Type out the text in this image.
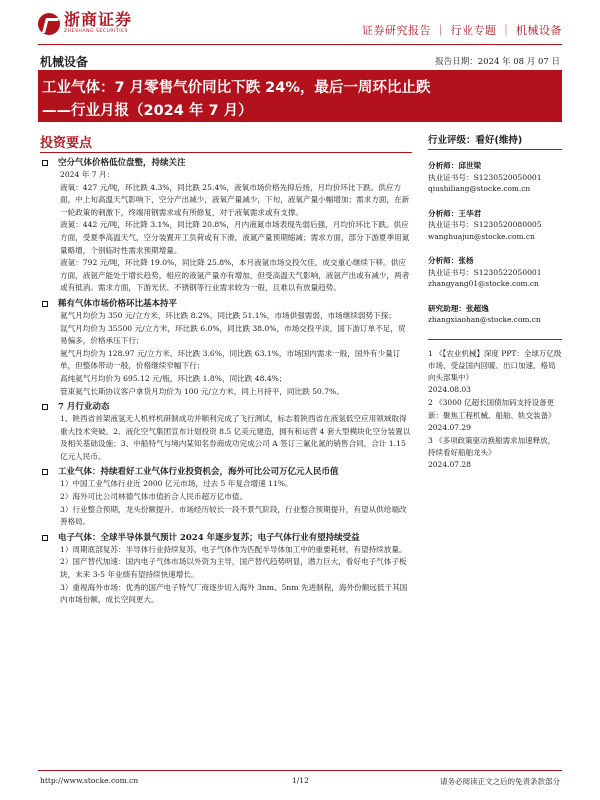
浙商证券
ZHESHANG SECURITIES	证券研究报告 ｜ 行业专题 ｜ 机械设备
机械设备	报告日期：2024 年 08 月 07 日
工业气体：7 月零售气价同比下跌 24%，最后一周环比止跌
——行业月报（2024 年 7 月）
投资要点
空分气体价格低位盘整，持续关注
2024 年 7 月：
液氧：427 元/吨，环比跌 4.3%，同比跌 25.4%，液氧市场价格先抑后扬，月均价环比下跌。供应方面，中上旬高温天气影响下，空分产出减少，液氧产量减少，下旬，液氧产量小幅增加；需求方面，在新一轮政策的刺激下，终端用钢需求或有所修复，对于液氧需求或有支撑。
液氮：442 元/吨，环比降 3.1%，同比降 20.8%，月内液氮市场表现先弱后强，月均价环比下跌。供应方面，受夏季高温天气，空分装置开工负荷或有下滑，液氮产量预期缩减；需求方面，部分下游夏季用氮量略增，个别临时性需求预期增量。
液氩：792 元/吨，环比降 19.0%，同比降 25.8%，本月液氩市场交投欠佳，成交重心继续下移。供应方面，液氩产能处于增长趋势，相应的液氩产量亦有增加，但受高温天气影响，液氩产出或有减少，两者或有抵消。需求方面，下游光伏、不锈钢等行业需求较为一般，且难以有放量趋势。
稀有气体市场价格环比基本持平
氦气月均价为 350 元/立方米，环比跌 8.2%，同比跌 51.1%，市场供强需弱，市场继续弱势下探；
氙气月均价为 35500 元/立方米，环比跌 6.0%，同比跌 38.0%，市场交投平淡，国下游订单不足，贸易偏多，价格承压下行；
氪气月均价为 128.97 元/立方米，环比跌 3.6%，同比跌 63.1%，市场国内需求一般，国外有少量订单，但整体带动一般，价格继续窄幅下行；
高纯氦气月均价为 695.12 元/瓶，环比跌 1.8%，同比跌 48.4%；
管束氦气长斯协议客户拿货月均价为 100 元/立方米，同上月持平，同比跌 50.7%。
7 月行业动态
1、陕西省首架液氢无人机样机研制成功并顺利完成了飞行测试，标志着陕西省在液氢低空应用领域取得重大技术突破。2、液化空气集团宣布计划投资 8.5 亿美元建造，拥有和运营 4 套大型模块化空分装置以及相关基础设施；3、中船特气与境内某知名券商成功完成公司 A 签订三氟化氮的销售合同，合计 1.15 亿元人民币。
工业气体：持续看好工业气体行业投资机会，海外可比公司万亿元人民币值
1）中国工业气体行业近 2000 亿元市场，过去 5 年复合增速 11%。
2）海外可比公司林德气体市值折合人民币超万亿市值。
3）行业整合预期，龙头份额提升。市场经历较长一段不景气阶段，行业整合预期提升，有望从供给端改善格局。
电子气体：全球半导体景气预计 2024 年逐步复苏；电子气体行业有望持续受益
1）周期底部复苏：半导体行业持续复苏，电子气体作为匹配半导体加工中的重要耗材，有望持续放量。
2）国产替代加速：国内电子气体市场以外资为主导，国产替代趋势明显，潜力巨大，看好电子气体子板块，未来 3-5 年业绩有望持续快速增长。
3）重视海外市场：优秀的国产电子特气厂商逐步切入海外 3nm、5nm 先进制程，海外份额远低于其国内市场份额，成长空间更大。
行业评级：看好(维持)
分析师：邱世梁
执业证书号： S1230520050001
qiushiliang@stocke.com.cn
分析师：王华君
执业证书号： S1230520080005
wanghuajun@stocke.com.cn
分析师：张杨
执业证书号： S1230522050001
zhangyang01@stocke.com.cn
研究助理：张超逸
zhangxiaohan@stocke.com.cn
1 《【农业机械】深度 PPT：全球万亿级市场，受益国内回暖、出口加速，格局向头部集中》
2024.08.03
2 《3000 亿超长国债加码支持设备更新：聚焦工程机械、船舶、轨交装备》
2024.07.29
3 《多项政策驱动换船需求加速释放，持续看好船舶龙头》
2024.07.28
http://www.stocke.com.cn	1/12	请务必阅读正文之后的免责条款部分
